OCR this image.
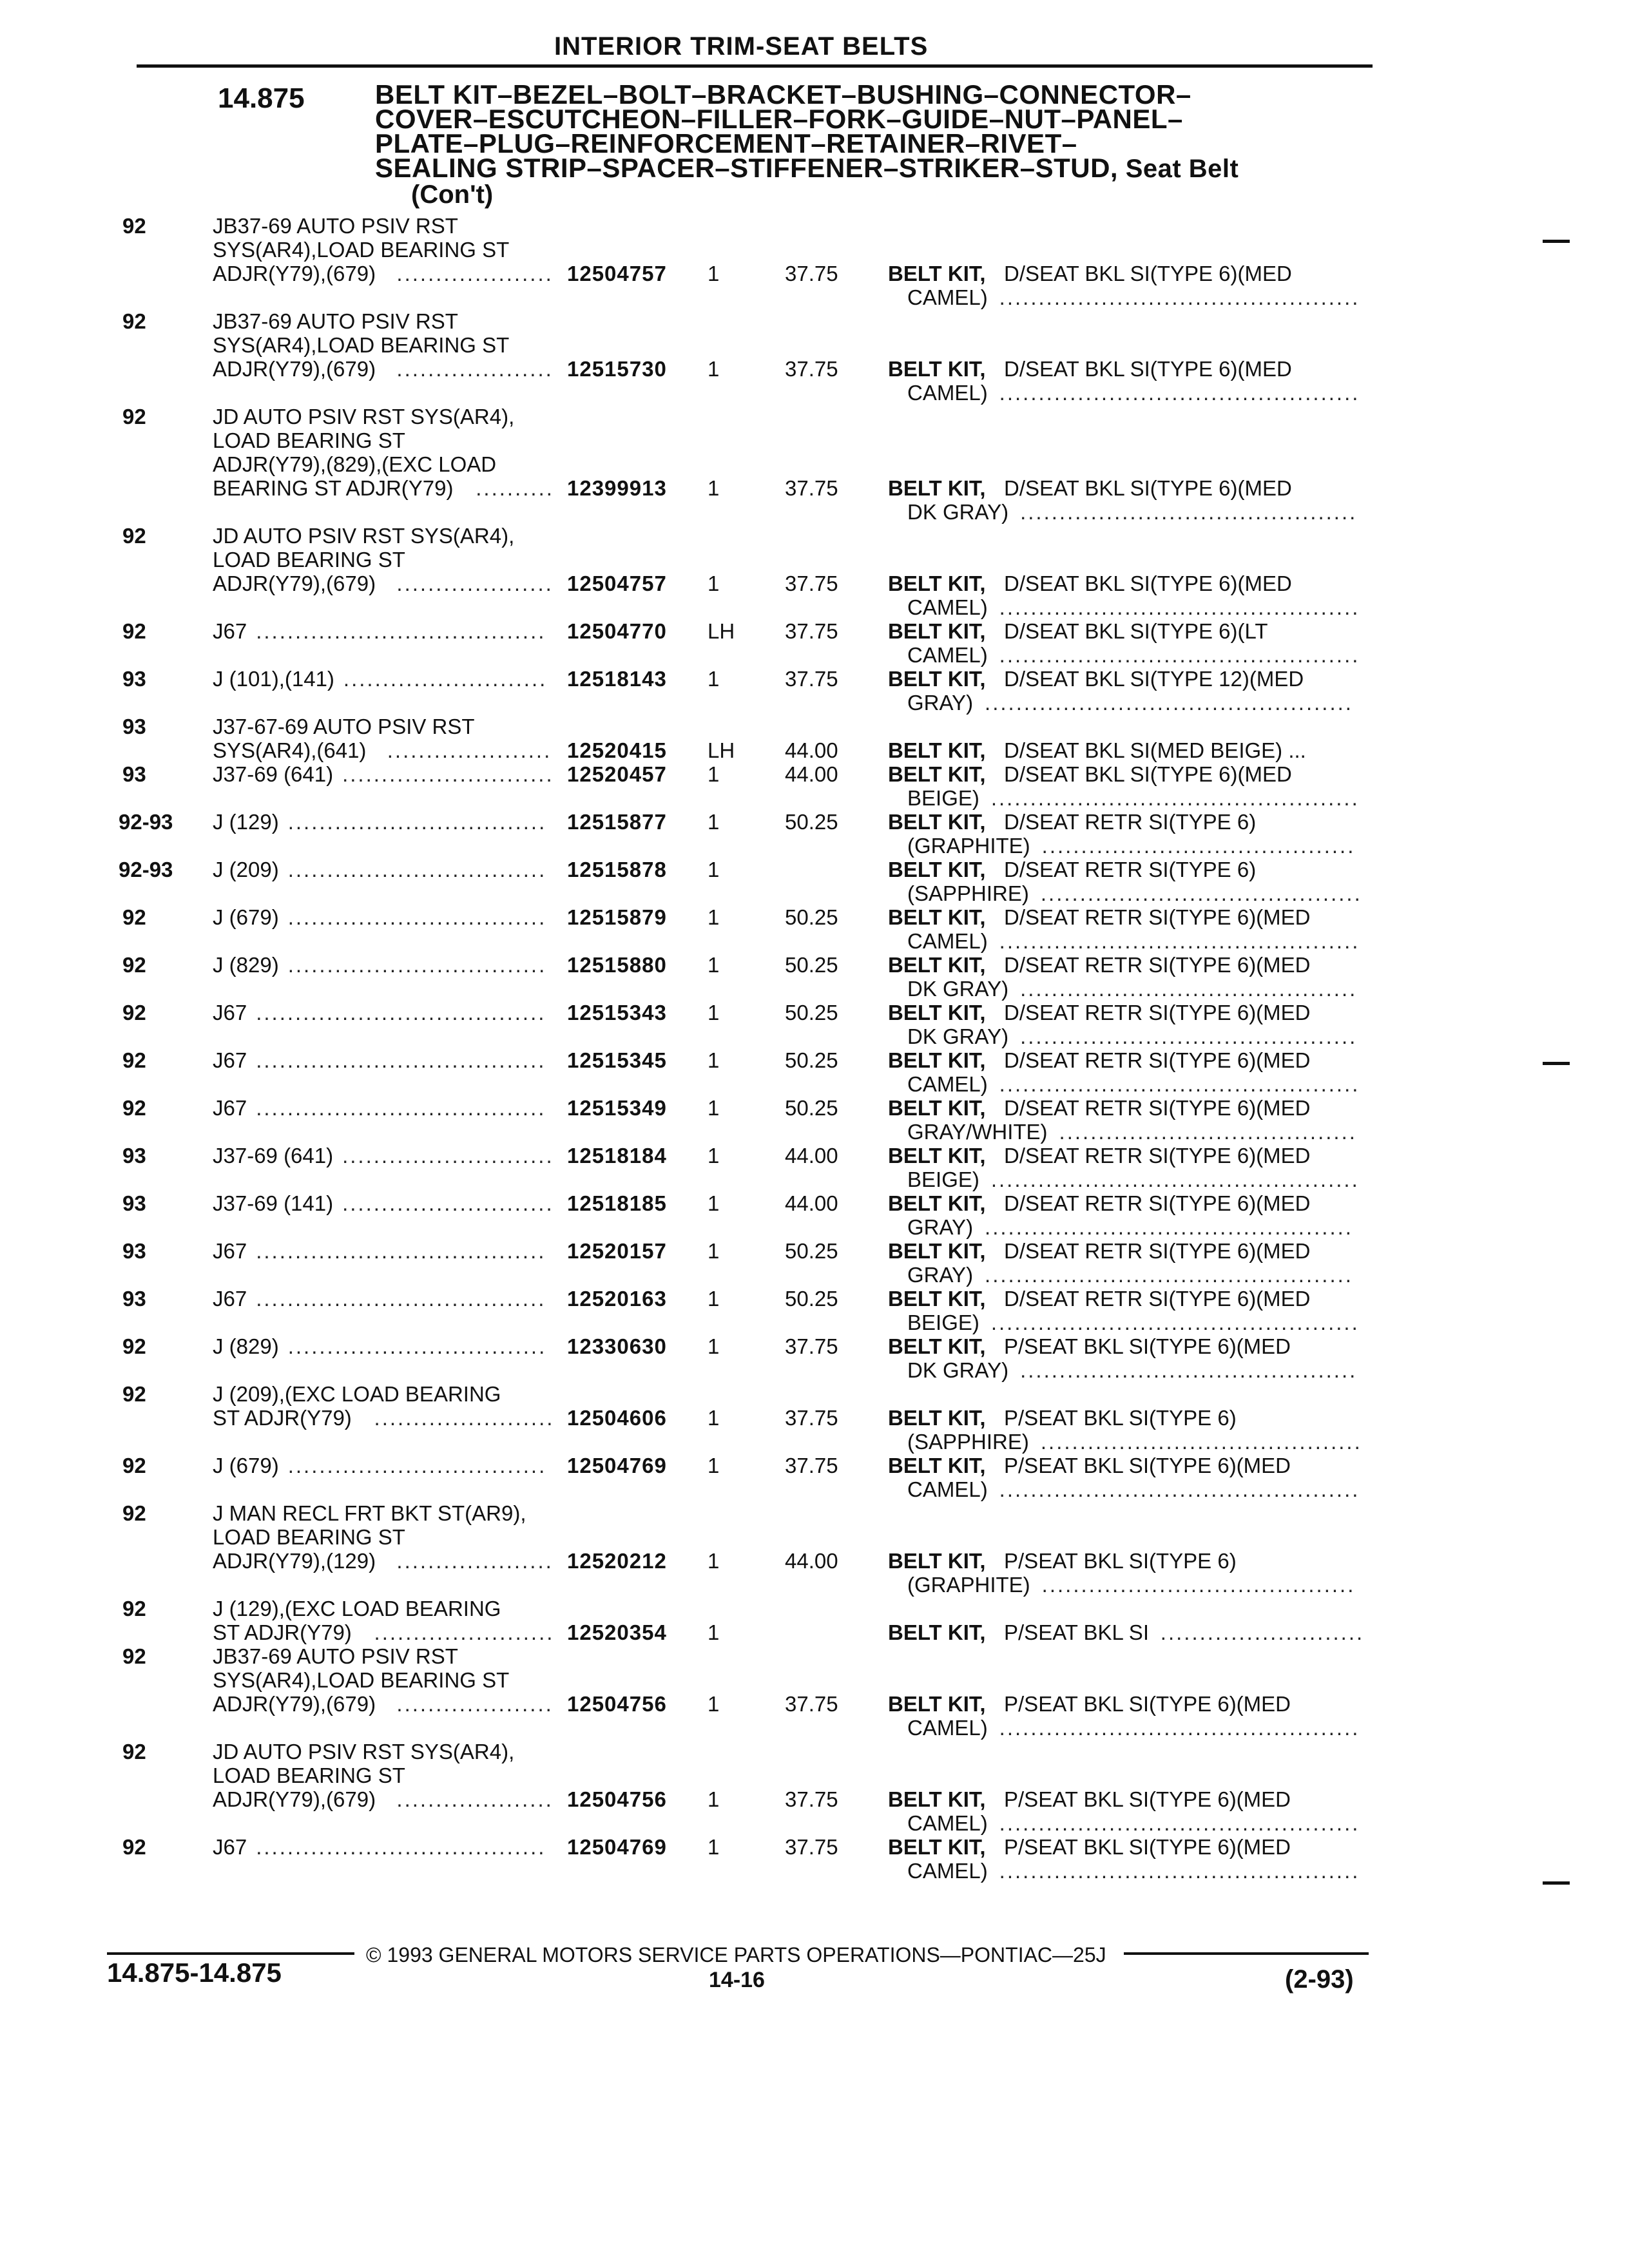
INTERIOR TRIM-SEAT BELTS
14.875	BELT KIT–BEZEL–BOLT–BRACKET–BUSHING–CONNECTOR–
COVER–ESCUTCHEON–FILLER–FORK–GUIDE–NUT–PANEL–
PLATE–PLUG–REINFORCEMENT–RETAINER–RIVET–
SEALING STRIP–SPACER–STIFFENER–STRIKER–STUD, Seat Belt
(Con't)
92	JB37-69 AUTO PSIV RST
SYS(AR4),LOAD BEARING ST
ADJR(Y79),(679) .................... 12504757 1	37.75 BELT KIT, D/SEAT BKL SI(TYPE 6)(MED
CAMEL) ..............................................
92	JB37-69 AUTO PSIV RST
SYS(AR4),LOAD BEARING ST
ADJR(Y79),(679) .................... 12515730 1	37.75 BELT KIT, D/SEAT BKL SI(TYPE 6)(MED
CAMEL) ..............................................
92	JD AUTO PSIV RST SYS(AR4),
LOAD BEARING ST
ADJR(Y79),(829),(EXC LOAD
BEARING ST ADJR(Y79) .......... 12399913 1	37.75 BELT KIT, D/SEAT BKL SI(TYPE 6)(MED
DK GRAY) ...........................................
92	JD AUTO PSIV RST SYS(AR4),
LOAD BEARING ST
ADJR(Y79),(679) .................... 12504757 1	37.75 BELT KIT, D/SEAT BKL SI(TYPE 6)(MED
CAMEL) ..............................................
92	J67 ..................................... 12504770 LH 37.75 BELT KIT, D/SEAT BKL SI(TYPE 6)(LT
CAMEL) ..............................................
93	J (101),(141) .......................... 12518143 1	37.75 BELT KIT, D/SEAT BKL SI(TYPE 12)(MED
GRAY) ...............................................
93	J37-67-69 AUTO PSIV RST
SYS(AR4),(641) ..................... 12520415 LH 44.00 BELT KIT, D/SEAT BKL SI(MED BEIGE) ...
93	J37-69 (641) ........................... 12520457 1	44.00 BELT KIT, D/SEAT BKL SI(TYPE 6)(MED
BEIGE) ...............................................
92-93 J (129) ................................. 12515877 1	50.25 BELT KIT, D/SEAT RETR SI(TYPE 6)
(GRAPHITE) ........................................
92-93 J (209) ................................. 12515878 1	BELT KIT, D/SEAT RETR SI(TYPE 6)
(SAPPHIRE) .........................................
92	J (679) ................................. 12515879 1	50.25 BELT KIT, D/SEAT RETR SI(TYPE 6)(MED
CAMEL) ..............................................
92	J (829) ................................. 12515880 1	50.25 BELT KIT, D/SEAT RETR SI(TYPE 6)(MED
DK GRAY) ...........................................
92	J67 ..................................... 12515343 1	50.25 BELT KIT, D/SEAT RETR SI(TYPE 6)(MED
DK GRAY) ...........................................
92	J67 ..................................... 12515345 1	50.25 BELT KIT, D/SEAT RETR SI(TYPE 6)(MED
CAMEL) ..............................................
92	J67 ..................................... 12515349 1	50.25 BELT KIT, D/SEAT RETR SI(TYPE 6)(MED
GRAY/WHITE) ......................................
93	J37-69 (641) ........................... 12518184 1	44.00 BELT KIT, D/SEAT RETR SI(TYPE 6)(MED
BEIGE) ...............................................
93	J37-69 (141) ........................... 12518185 1	44.00 BELT KIT, D/SEAT RETR SI(TYPE 6)(MED
GRAY) ...............................................
93	J67 ..................................... 12520157 1	50.25 BELT KIT, D/SEAT RETR SI(TYPE 6)(MED
GRAY) ...............................................
93	J67 ..................................... 12520163 1	50.25 BELT KIT, D/SEAT RETR SI(TYPE 6)(MED
BEIGE) ...............................................
92	J (829) ................................. 12330630 1	37.75 BELT KIT, P/SEAT BKL SI(TYPE 6)(MED
DK GRAY) ...........................................
92	J (209),(EXC LOAD BEARING
ST ADJR(Y79) ....................... 12504606 1	37.75 BELT KIT, P/SEAT BKL SI(TYPE 6)
(SAPPHIRE) .........................................
92	J (679) ................................. 12504769 1	37.75 BELT KIT, P/SEAT BKL SI(TYPE 6)(MED
CAMEL) ..............................................
92	J MAN RECL FRT BKT ST(AR9),
LOAD BEARING ST
ADJR(Y79),(129) .................... 12520212 1	44.00 BELT KIT, P/SEAT BKL SI(TYPE 6)
(GRAPHITE) ........................................
92	J (129),(EXC LOAD BEARING
ST ADJR(Y79) ....................... 12520354 1	BELT KIT, P/SEAT BKL SI ..........................
92	JB37-69 AUTO PSIV RST
SYS(AR4),LOAD BEARING ST
ADJR(Y79),(679) .................... 12504756 1	37.75 BELT KIT, P/SEAT BKL SI(TYPE 6)(MED
CAMEL) ..............................................
92	JD AUTO PSIV RST SYS(AR4),
LOAD BEARING ST
ADJR(Y79),(679) .................... 12504756 1	37.75 BELT KIT, P/SEAT BKL SI(TYPE 6)(MED
CAMEL) ..............................................
92	J67 ..................................... 12504769 1	37.75 BELT KIT, P/SEAT BKL SI(TYPE 6)(MED
CAMEL) ..............................................
© 1993 GENERAL MOTORS SERVICE PARTS OPERATIONS—PONTIAC—25J
14.875-14.875	14-16	(2-93)
